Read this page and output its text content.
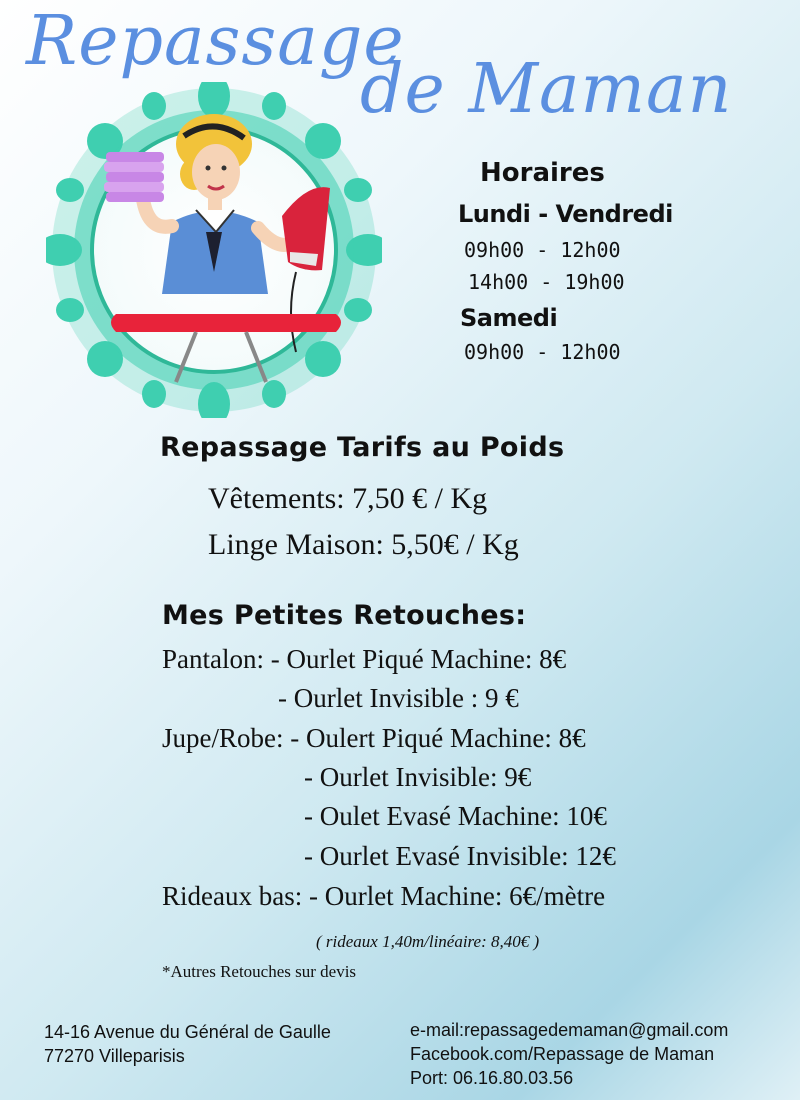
Repassage
de Maman
Horaires
Lundi - Vendredi
09h00 - 12h00
14h00 - 19h00
Samedi
09h00 - 12h00
Repassage Tarifs au Poids
Vêtements: 7,50 € / Kg
Linge Maison: 5,50€ / Kg
Mes Petites Retouches:
Pantalon: - Ourlet Piqué Machine: 8€
- Ourlet Invisible : 9 €
Jupe/Robe: - Oulert Piqué Machine: 8€
- Ourlet Invisible: 9€
- Oulet Evasé Machine: 10€
- Ourlet Evasé Invisible: 12€
Rideaux bas: - Ourlet Machine: 6€/mètre
( rideaux 1,40m/linéaire: 8,40€ )
*Autres Retouches sur devis
14-16 Avenue du Général de Gaulle
77270 Villeparisis
e-mail:repassagedemaman@gmail.com
Facebook.com/Repassage de Maman
Port: 06.16.80.03.56
